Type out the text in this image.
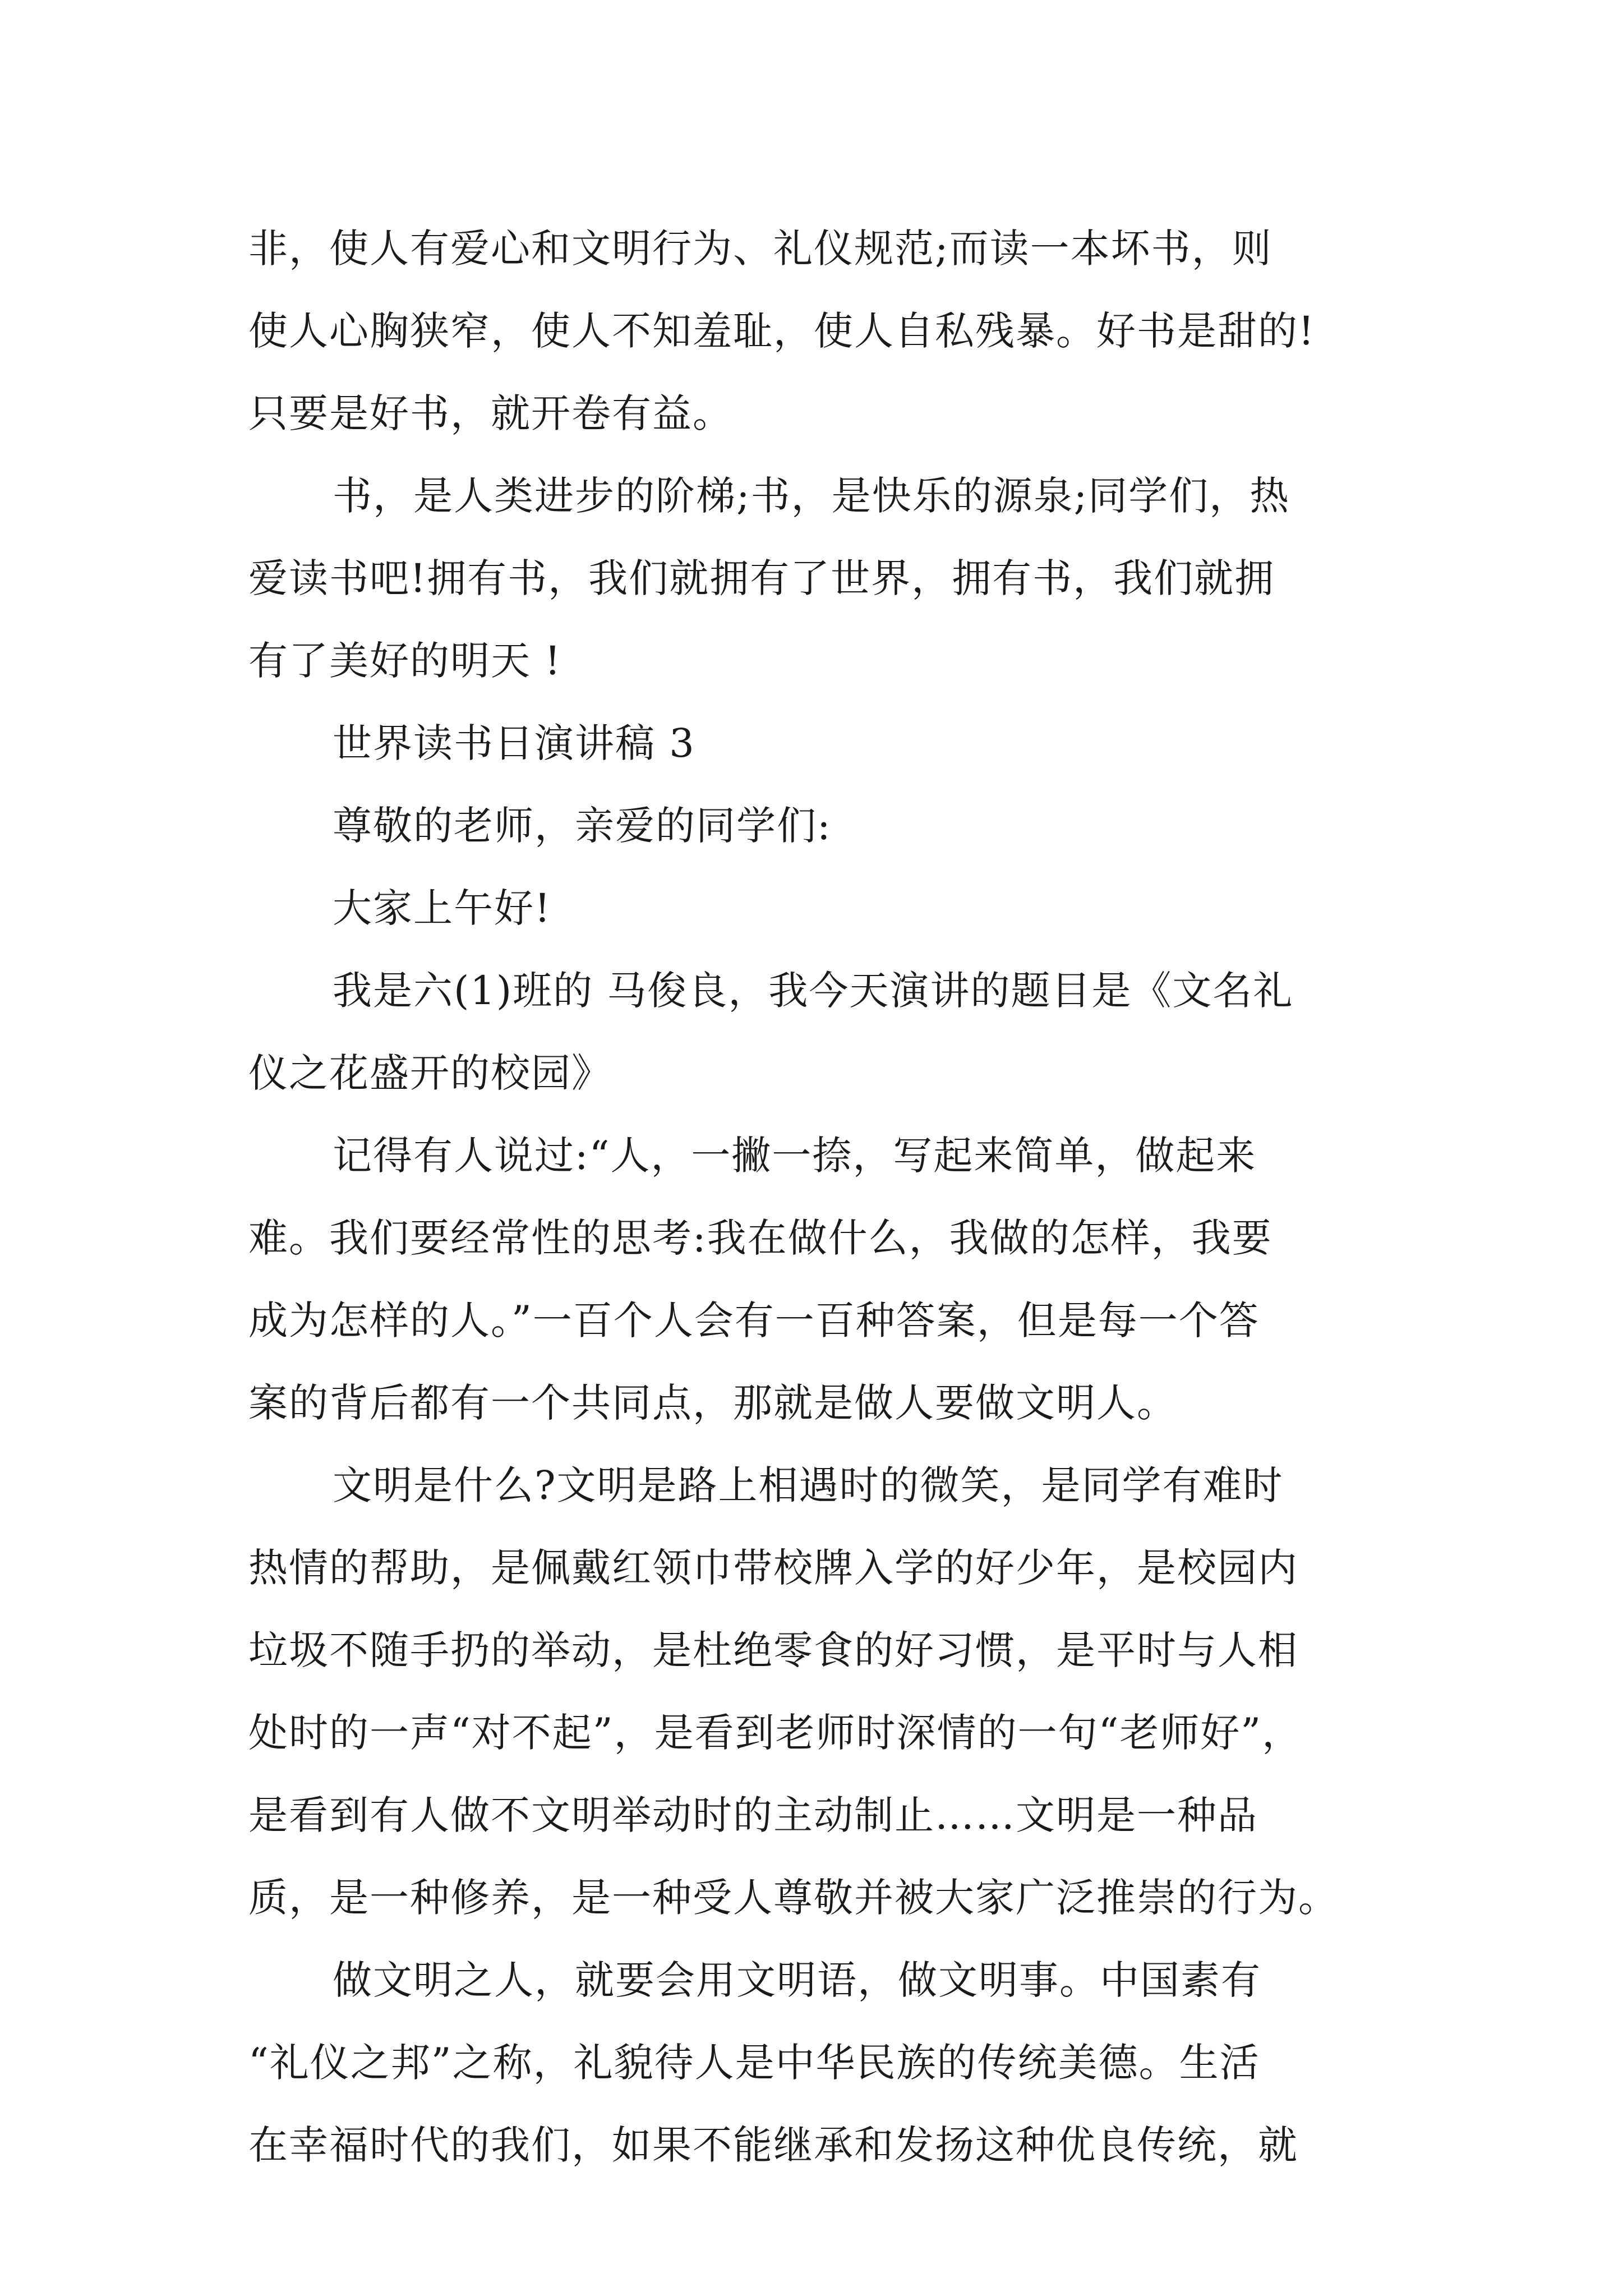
非，使人有爱心和文明行为、礼仪规范;而读一本坏书，则
使人心胸狭窄，使人不知羞耻，使人自私残暴。好书是甜的!
只要是好书，就开卷有益。
书，是人类进步的阶梯;书，是快乐的源泉;同学们，热
爱读书吧!拥有书，我们就拥有了世界，拥有书，我们就拥
有了美好的明天 !
世界读书日演讲稿 3
尊敬的老师，亲爱的同学们:
大家上午好!
我是六(1)班的 马俊良，我今天演讲的题目是《文名礼
仪之花盛开的校园》
记得有人说过:“人，一撇一捺，写起来简单，做起来
难。我们要经常性的思考:我在做什么，我做的怎样，我要
成为怎样的人。”一百个人会有一百种答案，但是每一个答
案的背后都有一个共同点，那就是做人要做文明人。
文明是什么?文明是路上相遇时的微笑，是同学有难时
热情的帮助，是佩戴红领巾带校牌入学的好少年，是校园内
垃圾不随手扔的举动，是杜绝零食的好习惯，是平时与人相
处时的一声“对不起”，是看到老师时深情的一句“老师好”，
是看到有人做不文明举动时的主动制止……文明是一种品
质，是一种修养，是一种受人尊敬并被大家广泛推崇的行为。
做文明之人，就要会用文明语，做文明事。中国素有
“礼仪之邦”之称，礼貌待人是中华民族的传统美德。生活
在幸福时代的我们，如果不能继承和发扬这种优良传统，就
